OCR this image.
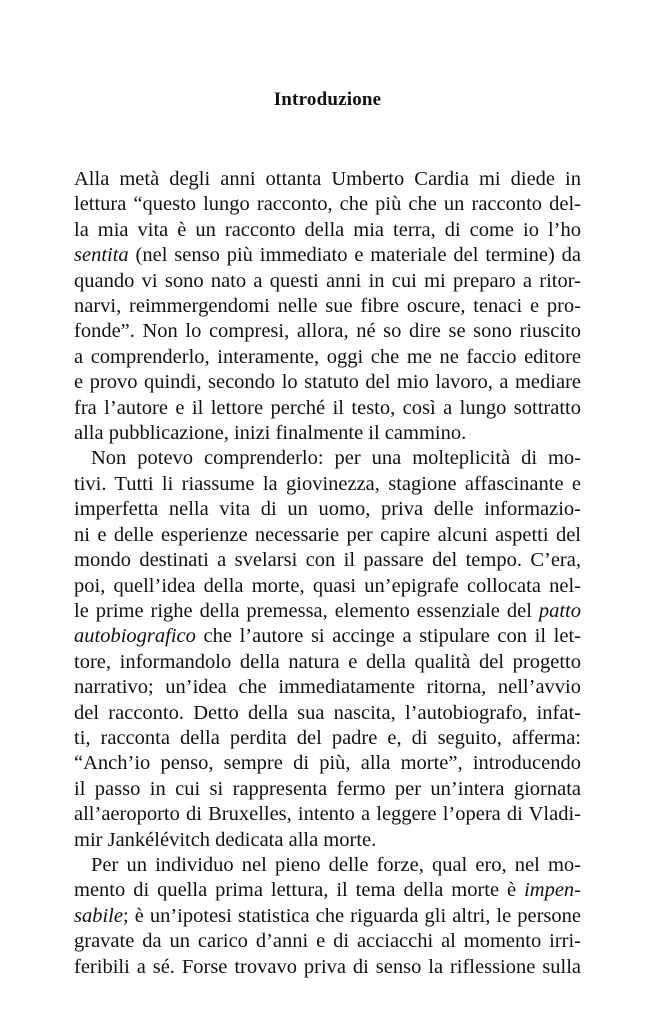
Introduzione
Alla metà degli anni ottanta Umberto Cardia mi diede in
lettura “questo lungo racconto, che più che un racconto del-
la mia vita è un racconto della mia terra, di come io l’ho
sentita (nel senso più immediato e materiale del termine) da
quando vi sono nato a questi anni in cui mi preparo a ritor-
narvi, reimmergendomi nelle sue fibre oscure, tenaci e pro-
fonde”. Non lo compresi, allora, né so dire se sono riuscito
a comprenderlo, interamente, oggi che me ne faccio editore
e provo quindi, secondo lo statuto del mio lavoro, a mediare
fra l’autore e il lettore perché il testo, così a lungo sottratto
alla pubblicazione, inizi finalmente il cammino.
Non potevo comprenderlo: per una molteplicità di mo-
tivi. Tutti li riassume la giovinezza, stagione affascinante e
imperfetta nella vita di un uomo, priva delle informazio-
ni e delle esperienze necessarie per capire alcuni aspetti del
mondo destinati a svelarsi con il passare del tempo. C’era,
poi, quell’idea della morte, quasi un’epigrafe collocata nel-
le prime righe della premessa, elemento essenziale del patto
autobiografico che l’autore si accinge a stipulare con il let-
tore, informandolo della natura e della qualità del progetto
narrativo; un’idea che immediatamente ritorna, nell’avvio
del racconto. Detto della sua nascita, l’autobiografo, infat-
ti, racconta della perdita del padre e, di seguito, afferma:
“Anch’io penso, sempre di più, alla morte”, introducendo
il passo in cui si rappresenta fermo per un’intera giornata
all’aeroporto di Bruxelles, intento a leggere l’opera di Vladi-
mir Jankélévitch dedicata alla morte.
Per un individuo nel pieno delle forze, qual ero, nel mo-
mento di quella prima lettura, il tema della morte è impen-
sabile; è un’ipotesi statistica che riguarda gli altri, le persone
gravate da un carico d’anni e di acciacchi al momento irri-
feribili a sé. Forse trovavo priva di senso la riflessione sulla
